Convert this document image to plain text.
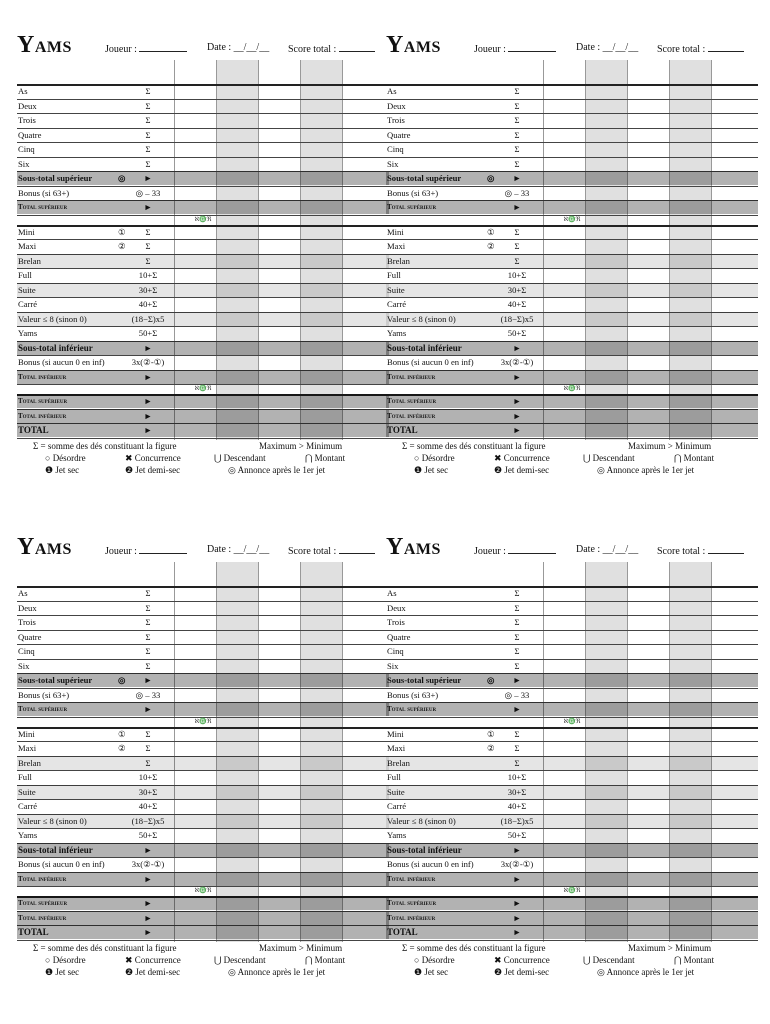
YAMS	Joueur :	Date : __/__/__ Score total :
As	Σ
Deux	Σ
Trois	Σ
Quatre	Σ
Cinq	Σ
Six	Σ
Sous-total supérieur	◎	►
Bonus (si 63+)	◎ – 33
Total supérieur	►
ℵ♎ℜ
Mini	①	Σ
Maxi	②	Σ
Brelan	Σ
Full	10+Σ
Suite	30+Σ
Carré	40+Σ
Valeur ≤ 8 (sinon 0)	(18−Σ)x5
Yams	50+Σ
Sous-total inférieur	►
Bonus (si aucun 0 en inf)	3x(②-①)
Total inférieur	►
ℵ♎ℜ
Total supérieur	►
Total inférieur	►
TOTAL	►
Σ = somme des dés constituant la figure	Maximum > Minimum
○ Désordre	✖ Concurrence	⋃ Descendant	⋂ Montant
❶ Jet sec	❷ Jet demi-sec	◎ Annonce après le 1er jet
YAMS	Joueur :	Date : __/__/__ Score total :
As	Σ
Deux	Σ
Trois	Σ
Quatre	Σ
Cinq	Σ
Six	Σ
Sous-total supérieur	◎	►
Bonus (si 63+)	◎ – 33
Total supérieur	►
ℵ♎ℜ
Mini	①	Σ
Maxi	②	Σ
Brelan	Σ
Full	10+Σ
Suite	30+Σ
Carré	40+Σ
Valeur ≤ 8 (sinon 0)	(18−Σ)x5
Yams	50+Σ
Sous-total inférieur	►
Bonus (si aucun 0 en inf)	3x(②-①)
Total inférieur	►
ℵ♎ℜ
Total supérieur	►
Total inférieur	►
TOTAL	►
Σ = somme des dés constituant la figure	Maximum > Minimum
○ Désordre	✖ Concurrence	⋃ Descendant	⋂ Montant
❶ Jet sec	❷ Jet demi-sec	◎ Annonce après le 1er jet
YAMS	Joueur :	Date : __/__/__ Score total :
As	Σ
Deux	Σ
Trois	Σ
Quatre	Σ
Cinq	Σ
Six	Σ
Sous-total supérieur	◎	►
Bonus (si 63+)	◎ – 33
Total supérieur	►
ℵ♎ℜ
Mini	①	Σ
Maxi	②	Σ
Brelan	Σ
Full	10+Σ
Suite	30+Σ
Carré	40+Σ
Valeur ≤ 8 (sinon 0)	(18−Σ)x5
Yams	50+Σ
Sous-total inférieur	►
Bonus (si aucun 0 en inf)	3x(②-①)
Total inférieur	►
ℵ♎ℜ
Total supérieur	►
Total inférieur	►
TOTAL	►
Σ = somme des dés constituant la figure	Maximum > Minimum
○ Désordre	✖ Concurrence	⋃ Descendant	⋂ Montant
❶ Jet sec	❷ Jet demi-sec	◎ Annonce après le 1er jet
YAMS	Joueur :	Date : __/__/__ Score total :
As	Σ
Deux	Σ
Trois	Σ
Quatre	Σ
Cinq	Σ
Six	Σ
Sous-total supérieur	◎	►
Bonus (si 63+)	◎ – 33
Total supérieur	►
ℵ♎ℜ
Mini	①	Σ
Maxi	②	Σ
Brelan	Σ
Full	10+Σ
Suite	30+Σ
Carré	40+Σ
Valeur ≤ 8 (sinon 0)	(18−Σ)x5
Yams	50+Σ
Sous-total inférieur	►
Bonus (si aucun 0 en inf)	3x(②-①)
Total inférieur	►
ℵ♎ℜ
Total supérieur	►
Total inférieur	►
TOTAL	►
Σ = somme des dés constituant la figure	Maximum > Minimum
○ Désordre	✖ Concurrence	⋃ Descendant	⋂ Montant
❶ Jet sec	❷ Jet demi-sec	◎ Annonce après le 1er jet
